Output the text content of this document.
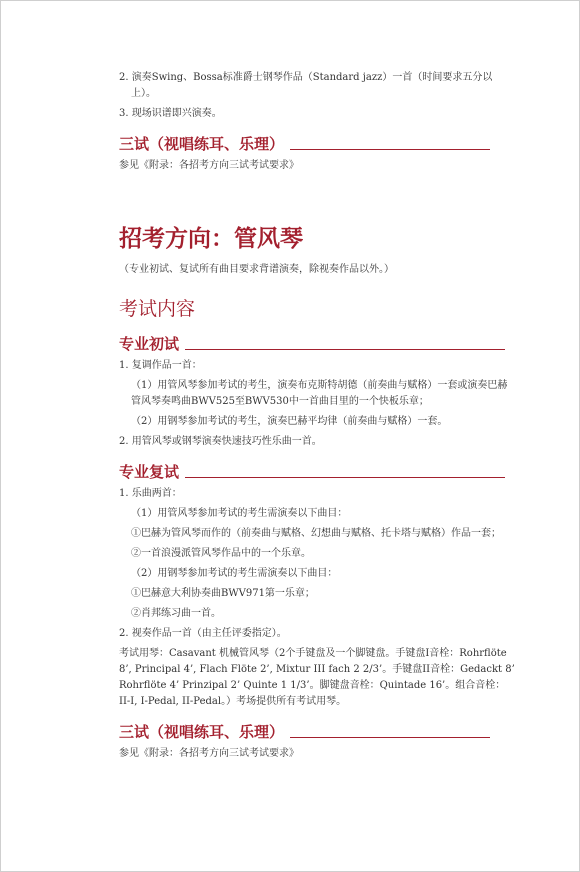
2. 演奏Swing、Bossa标准爵士钢琴作品（Standard jazz）一首（时间要求五分以上）。

3. 现场识谱即兴演奏。

三试（视唱练耳、乐理）

参见《附录：各招考方向三试考试要求》

招考方向：管风琴

（专业初试、复试所有曲目要求背谱演奏，除视奏作品以外。）

考试内容
专业初试

1. 复调作品一首：

（1）用管风琴参加考试的考生，演奏布克斯特胡德（前奏曲与赋格）一套或演奏巴赫管风琴奏鸣曲BWV525至BWV530中一首曲目里的一个快板乐章；

（2）用钢琴参加考试的考生，演奏巴赫平均律（前奏曲与赋格）一套。

2. 用管风琴或钢琴演奏快速技巧性乐曲一首。

专业复试

1. 乐曲两首：

（1）用管风琴参加考试的考生需演奏以下曲目：

①巴赫为管风琴而作的（前奏曲与赋格、幻想曲与赋格、托卡塔与赋格）作品一套；

②一首浪漫派管风琴作品中的一个乐章。

（2）用钢琴参加考试的考生需演奏以下曲目：

①巴赫意大利协奏曲BWV971第一乐章；

②肖邦练习曲一首。

2. 视奏作品一首（由主任评委指定）。

考试用琴：Casavant 机械管风琴（2个手键盘及一个脚键盘。手键盘I音栓：Rohrflöte 8’, Principal 4’, Flach Flöte 2’, Mixtur III fach 2 2/3’。手键盘II音栓：Gedackt 8’ Rohrflöte 4’ Prinzipal 2’ Quinte 1 1/3’。脚键盘音栓：Quintade 16’。组合音栓：II-I, I-Pedal, II-Pedal。）考场提供所有考试用琴。

三试（视唱练耳、乐理）

参见《附录：各招考方向三试考试要求》
